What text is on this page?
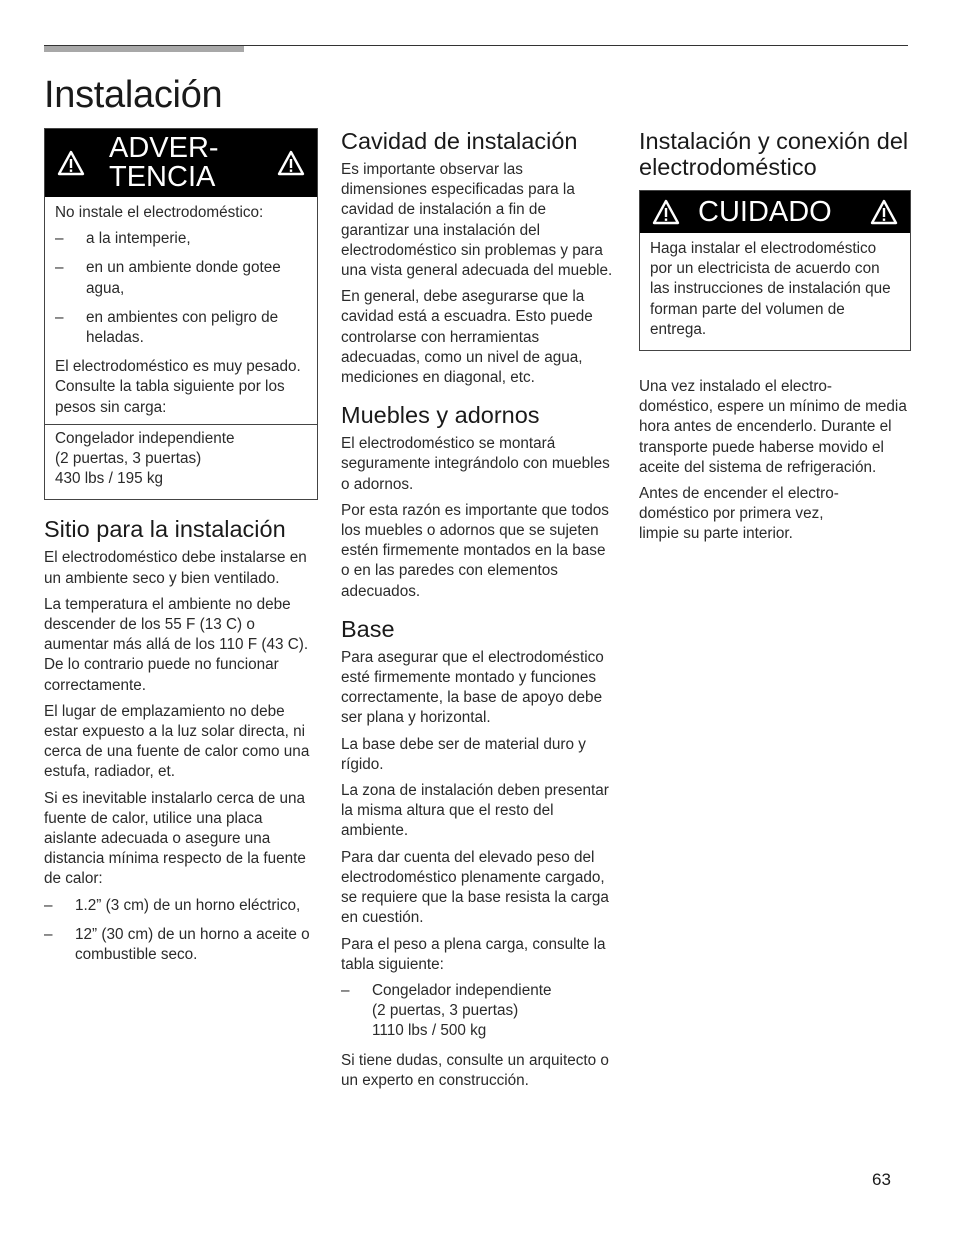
Instalación
ADVER-
TENCIA

No instale el electrodoméstico:

– a la intemperie,
– en un ambiente donde gotee agua,
– en ambientes con peligro de heladas.

El electrodoméstico es muy pesado. Consulte la tabla siguiente por los pesos sin carga:

Congelador independiente
(2 puertas, 3 puertas)
430 lbs / 195 kg

Sitio para la instalación

El electrodoméstico debe instalarse en un ambiente seco y bien ventilado.

La temperatura el ambiente no debe descender de los 55 F (13 C) o aumentar más allá de los 110 F (43 C). De lo contrario puede no funcionar correctamente.

El lugar de emplazamiento no debe estar expuesto a la luz solar directa, ni cerca de una fuente de calor como una estufa, radiador, et.

Si es inevitable instalarlo cerca de una fuente de calor, utilice una placa aislante adecuada o asegure una distancia mínima respecto de la fuente de calor:

– 1.2” (3 cm) de un horno eléctrico,
– 12” (30 cm) de un horno a aceite o combustible seco.
Cavidad de instalación

Es importante observar las dimensiones especificadas para la cavidad de instalación a fin de garantizar una instalación del electrodoméstico sin problemas y para una vista general adecuada del mueble.

En general, debe asegurarse que la cavidad está a escuadra. Esto puede controlarse con herramientas adecuadas, como un nivel de agua, mediciones en diagonal, etc.

Muebles y adornos

El electrodoméstico se montará seguramente integrándolo con muebles o adornos.

Por esta razón es importante que todos los muebles o adornos que se sujeten estén firmemente montados en la base o en las paredes con elementos adecuados.

Base

Para asegurar que el electrodoméstico esté firmemente montado y funciones correctamente, la base de apoyo debe ser plana y horizontal.

La base debe ser de material duro y rígido.

La zona de instalación deben presentar la misma altura que el resto del ambiente.

Para dar cuenta del elevado peso del electrodoméstico plenamente cargado, se requiere que la base resista la carga en cuestión.

Para el peso a plena carga, consulte la tabla siguiente:

– Congelador independiente
(2 puertas, 3 puertas)
1110 lbs / 500 kg

Si tiene dudas, consulte un arquitecto o un experto en construcción.

Instalación y conexión del electrodoméstico
CUIDADO

Haga instalar el electrodoméstico por un electricista de acuerdo con las instrucciones de instalación que forman parte del volumen de entrega.

Una vez instalado el electro-
doméstico, espere un mínimo de media hora antes de encenderlo. Durante el transporte puede haberse movido el aceite del sistema de refrigeración.

Antes de encender el electro-
doméstico por primera vez,
limpie su parte interior.

63
